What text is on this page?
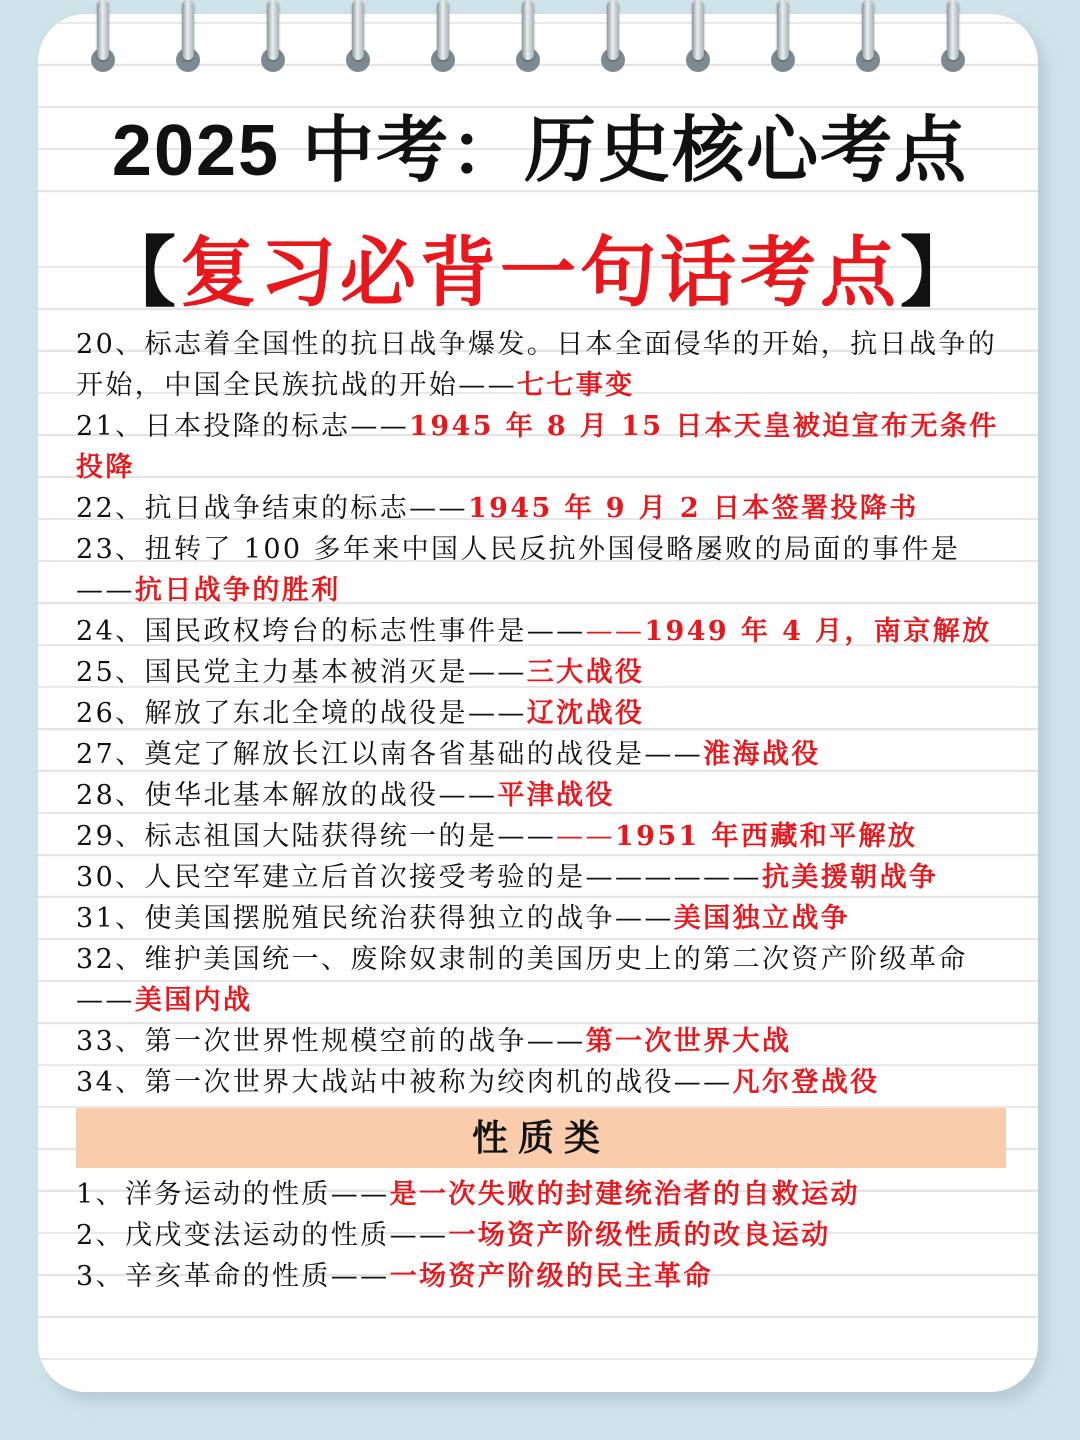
2025 中考：历史核心考点
【复习必背一句话考点】

20、标志着全国性的抗日战争爆发。日本全面侵华的开始，抗日战争的开始，中国全民族抗战的开始——七七事变

21、日本投降的标志——1945 年 8 月 15 日本天皇被迫宣布无条件投降

22、抗日战争结束的标志——1945 年 9 月 2 日本签署投降书

23、扭转了 100 多年来中国人民反抗外国侵略屡败的局面的事件是——抗日战争的胜利

24、国民政权垮台的标志性事件是————1949 年 4 月，南京解放

25、国民党主力基本被消灭是——三大战役

26、解放了东北全境的战役是——辽沈战役

27、奠定了解放长江以南各省基础的战役是——淮海战役

28、使华北基本解放的战役——平津战役

29、标志祖国大陆获得统一的是————1951 年西藏和平解放

30、人民空军建立后首次接受考验的是——————抗美援朝战争

31、使美国摆脱殖民统治获得独立的战争——美国独立战争

32、维护美国统一、废除奴隶制的美国历史上的第二次资产阶级革命——美国内战

33、第一次世界性规模空前的战争——第一次世界大战

34、第一次世界大战站中被称为绞肉机的战役——凡尔登战役

性质类

1、洋务运动的性质——是一次失败的封建统治者的自救运动

2、戊戌变法运动的性质——一场资产阶级性质的改良运动

3、辛亥革命的性质——一场资产阶级的民主革命
